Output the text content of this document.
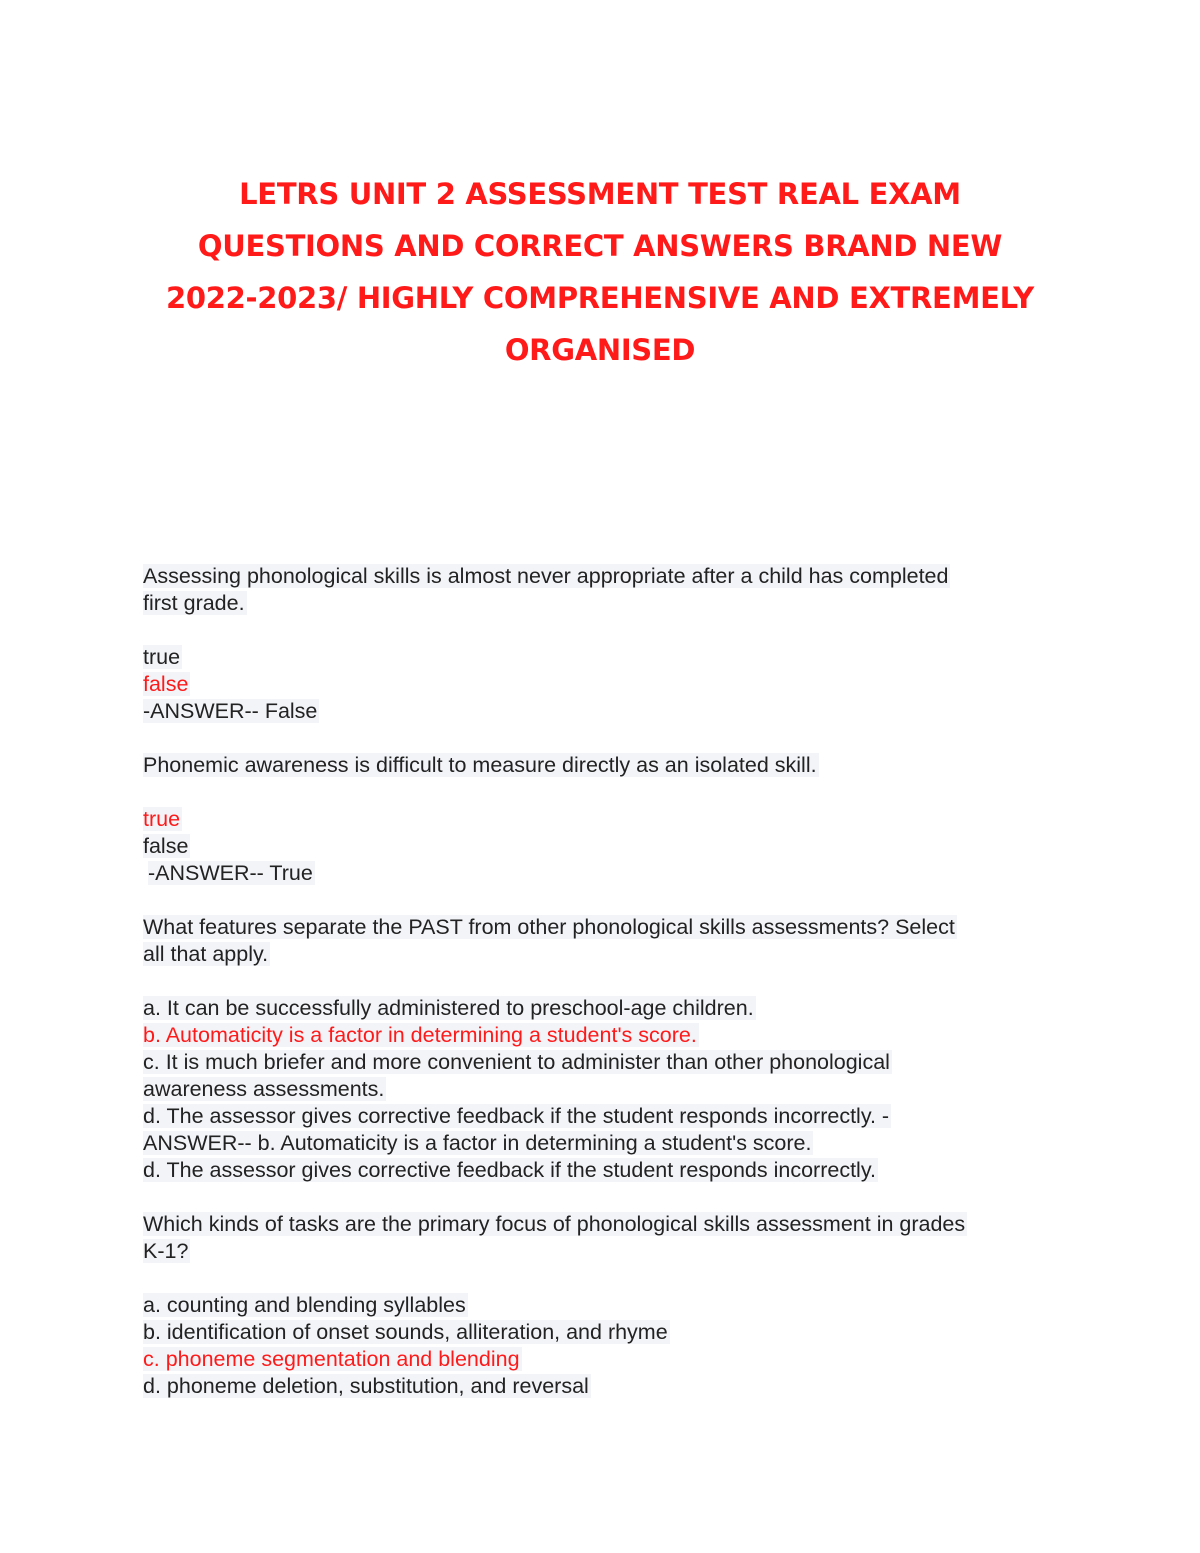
LETRS UNIT 2 ASSESSMENT TEST REAL EXAM
QUESTIONS AND CORRECT ANSWERS BRAND NEW
2022-2023/ HIGHLY COMPREHENSIVE AND EXTREMELY
ORGANISED
Assessing phonological skills is almost never appropriate after a child has completed
first grade.
true
false
-ANSWER-- False
Phonemic awareness is difficult to measure directly as an isolated skill.
true
false
-ANSWER-- True
What features separate the PAST from other phonological skills assessments? Select
all that apply.
a. It can be successfully administered to preschool-age children.
b. Automaticity is a factor in determining a student's score.
c. It is much briefer and more convenient to administer than other phonological
awareness assessments.
d. The assessor gives corrective feedback if the student responds incorrectly. -
ANSWER-- b. Automaticity is a factor in determining a student's score.
d. The assessor gives corrective feedback if the student responds incorrectly.
Which kinds of tasks are the primary focus of phonological skills assessment in grades
K-1?
a. counting and blending syllables
b. identification of onset sounds, alliteration, and rhyme
c. phoneme segmentation and blending
d. phoneme deletion, substitution, and reversal
